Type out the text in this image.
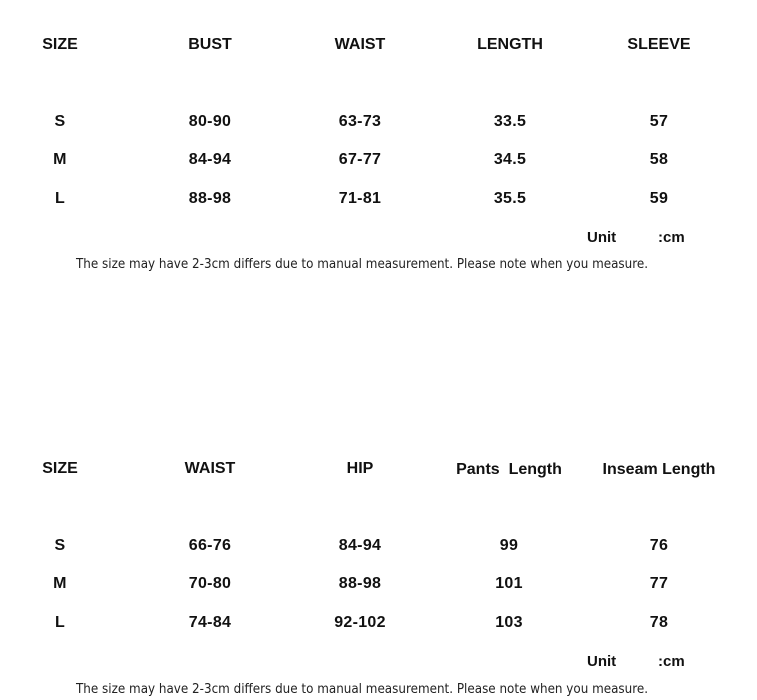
SIZE	BUST	WAIST	LENGTH	SLEEVE
S	80-90	63-73	33.5	57
M	84-94	67-77	34.5	58
L	88-98	71-81	35.5	59
Unit	:cm
The size may have 2-3cm differs due to manual measurement. Please note when you measure.
SIZE	WAIST	HIP	Pants  Length	Inseam Length
S	66-76	84-94	99	76
M	70-80	88-98	101	77
L	74-84	92-102	103	78
Unit	:cm
The size may have 2-3cm differs due to manual measurement. Please note when you measure.
